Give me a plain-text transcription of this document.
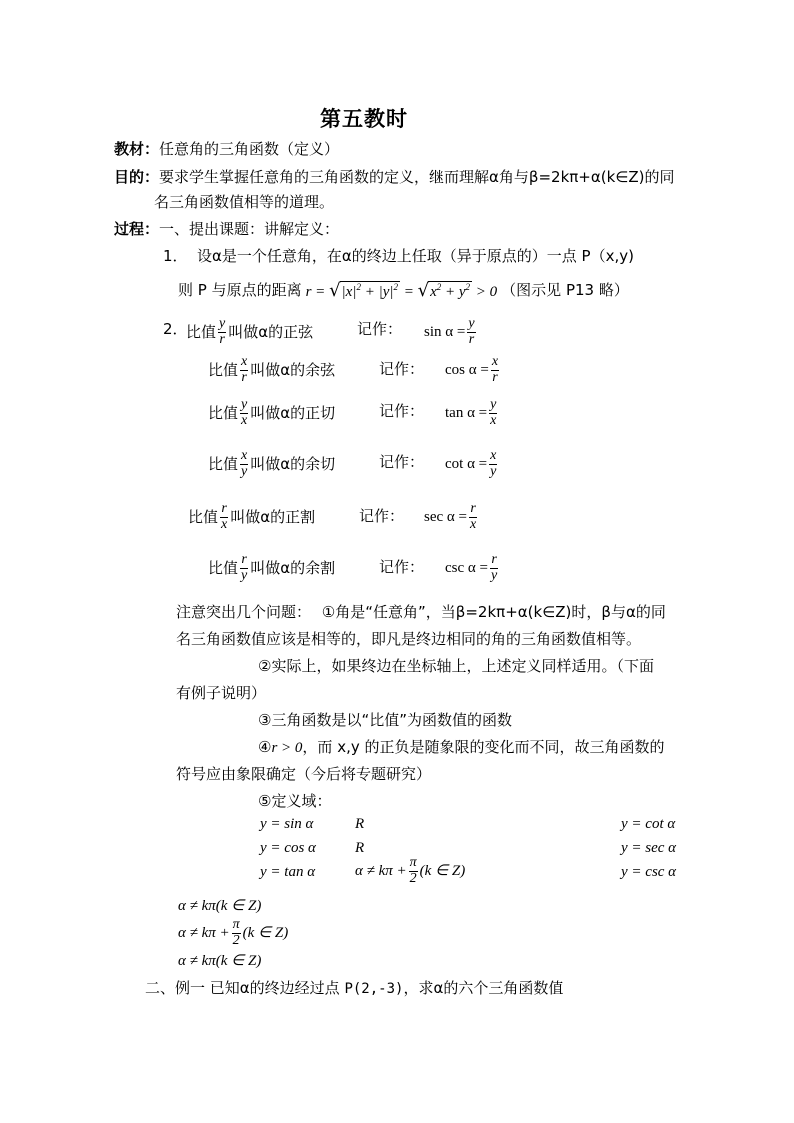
第五教时
教材：任意角的三角函数（定义）
目的：要求学生掌握任意角的三角函数的定义，继而理解α角与β=2kπ+α(k∈Z)的同
名三角函数值相等的道理。
过程：一、提出课题：讲解定义：
1． 设α是一个任意角，在α的终边上任取（异于原点的）一点 P（x,y)
则 P 与原点的距离 $r = √|x|^2 + |y|^2 = √x^2 + y^2 > 0$ （图示见 P13 略）
2．
比值 $\frac{y}{r}$ 叫做α的正弦	记作： $\sin \alpha = \frac{y}{r}$
比值 $\frac{x}{r}$ 叫做α的余弦	记作： $\cos \alpha = \frac{x}{r}$
比值 $\frac{y}{x}$ 叫做α的正切	记作： $\tan \alpha = \frac{y}{x}$
比值 $\frac{x}{y}$ 叫做α的余切	记作： $\cot \alpha = \frac{x}{y}$
比值 $\frac{r}{x}$ 叫做α的正割	记作： $\sec \alpha = \frac{r}{x}$
比值 $\frac{r}{y}$ 叫做α的余割	记作： $\csc \alpha = \frac{r}{y}$
注意突出几个问题： ①角是“任意角”，当β=2kπ+α(k∈Z)时，β与α的同
名三角函数值应该是相等的，即凡是终边相同的角的三角函数值相等。
②实际上，如果终边在坐标轴上，上述定义同样适用。（下面
有例子说明）
③三角函数是以“比值”为函数值的函数
④r > 0，而 x,y 的正负是随象限的变化而不同，故三角函数的
符号应由象限确定（今后将专题研究）
⑤定义域：
y = sin α	R	y = cot α
y = cos α	R	y = sec α
y = tan α	$\alpha \ne k\pi + \frac{\pi}{2} (k$ ∈ Z)	y = csc α
α ≠ kπ(k ∈ Z)
$\alpha \ne k\pi + \frac{\pi}{2} (k$ ∈ Z)
α ≠ kπ(k ∈ Z)
二、例一 已知α的终边经过点 P(2,-3)，求α的六个三角函数值
